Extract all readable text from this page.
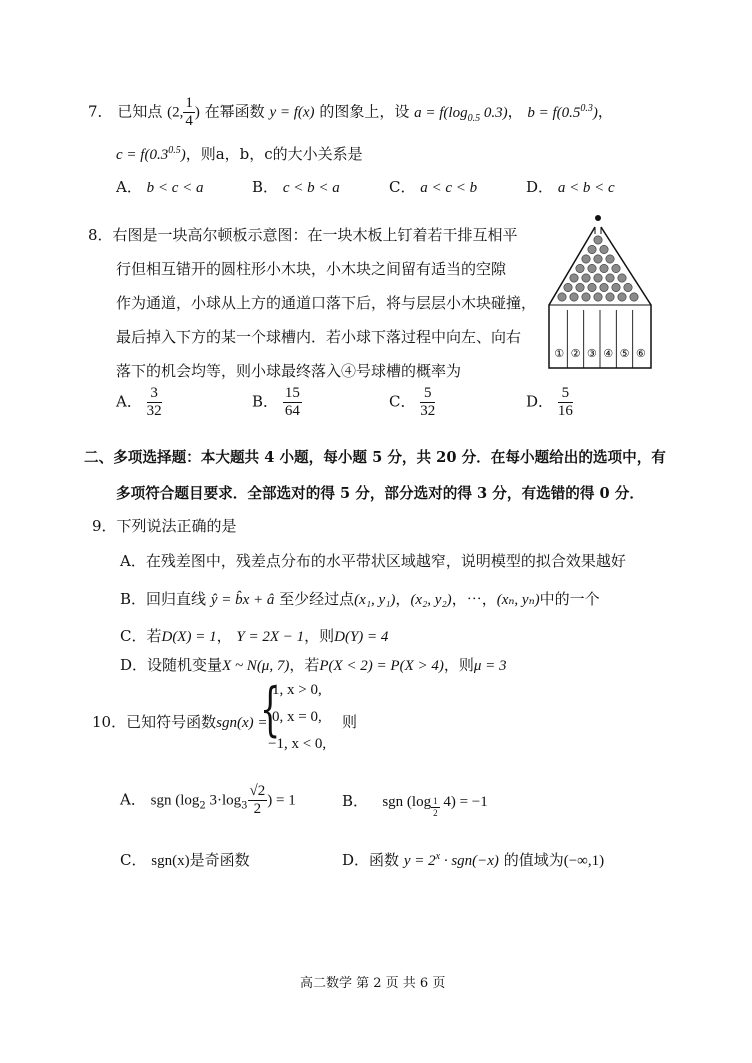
7． 已知点 (2, $\frac{1}{4}$ ) 在幂函数 y = f(x) 的图象上，设 $a = f(\log_{0.5}$ 0.3)， $b = f(0.5^{0.3})$，
$c = f(0.3^{0.5})$，则a，b，c的大小关系是
A． b < c < a	B． c < b < a	C． a < c < b	D． a < b < c
8．右图是一块高尔顿板示意图：在一块木板上钉着若干排互相平
行但相互错开的圆柱形小木块，小木块之间留有适当的空隙
作为通道，小球从上方的通道口落下后，将与层层小木块碰撞，
最后掉入下方的某一个球槽内．若小球下落过程中向左、向右
落下的机会均等，则小球最终落入④号球槽的概率为
① ② ③ ④ ⑤ ⑥
A． $\frac{3}{32}$	B． $\frac{15}{64}$	C． $\frac{5}{32}$	D． $\frac{5}{16}$
二、多项选择题：本大题共 4 小题，每小题 5 分，共 20 分．在每小题给出的选项中，有
多项符合题目要求．全部选对的得 5 分，部分选对的得 3 分，有选错的得 0 分．
9．下列说法正确的是
A．在残差图中，残差点分布的水平带状区域越窄，说明模型的拟合效果越好
B．回归直线 ŷ = b̂x + â 至少经过点(x₁, y₁)，(x₂, y₂)，⋯，(xₙ, yₙ)中的一个
C．若D(X) = 1， Y = 2X − 1，则D(Y) = 4
D．设随机变量X ~ N(μ, 7)，若P(X < 2) = P(X > 4)，则μ = 3
10．已知符号函数sgn(x) =
{
1, x > 0,
0, x = 0,
−1, x < 0,
则
A． sgn ($\log_2$ $3\cdot\log_3 \frac{√2}{2}$ ) = 1	B． sgn $(\log \frac{1}{2} 4) = -1$
C． sgn(x)是奇函数	D．函数 $y = 2^x \cdot sgn(-x)$ 的值域为(−∞,1)
高二数学 第 2 页 共 6 页
